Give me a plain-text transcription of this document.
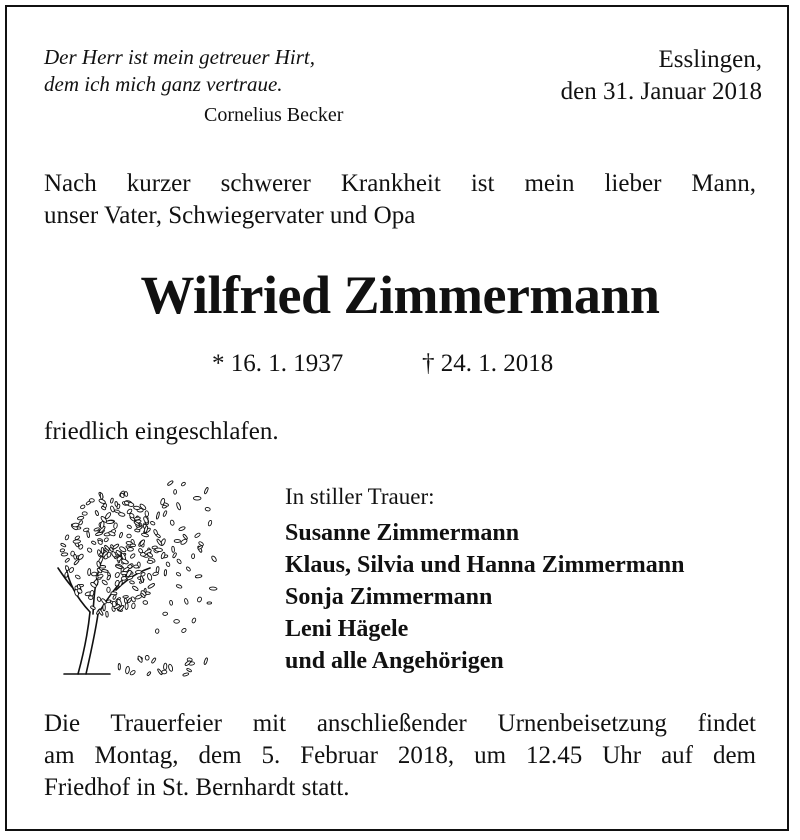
Der Herr ist mein getreuer Hirt,
dem ich mich ganz vertraue.
Cornelius Becker
Esslingen,
den 31. Januar 2018
Nach kurzer schwerer Krankheit ist mein lieber Mann,
unser Vater, Schwiegervater und Opa
Wilfried Zimmermann
* 16. 1. 1937	† 24. 1. 2018
friedlich eingeschlafen.
In stiller Trauer:
Susanne Zimmermann
Klaus, Silvia und Hanna Zimmermann
Sonja Zimmermann
Leni Hägele
und alle Angehörigen
Die Trauerfeier mit anschließender Urnenbeisetzung findet
am Montag, dem 5. Februar 2018, um 12.45 Uhr auf dem
Friedhof in St. Bernhardt statt.
